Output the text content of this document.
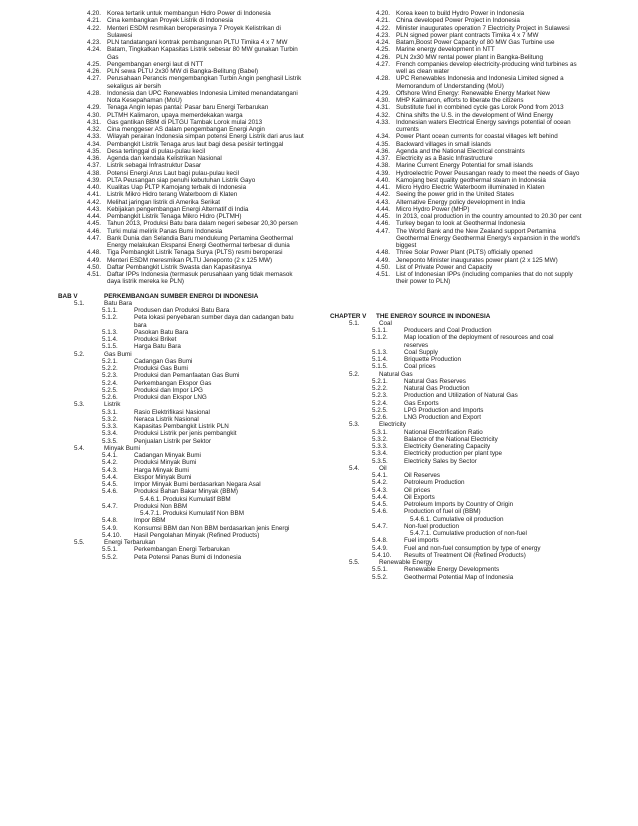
4.20. Korea tertarik untuk membangun Hidro Power di Indonesia
4.21. Cina kembangkan Proyek Listrik di Indonesia
4.22. Menteri ESDM resmikan beroperasinya 7 Proyek Kelistrikan di Sulawesi
4.23. PLN tandatangani kontrak pembangunan PLTU Timika 4 x 7 MW
4.24. Batam, Tingkatkan Kapasitas Listrik sebesar 80 MW gunakan Turbin Gas
4.25. Pengembangan energi laut di NTT
4.26. PLN sewa PLTU 2x30 MW di Bangka-Belitung (Babel)
4.27. Perusahaan Perancis mengembangkan Turbin Angin penghasil Listrik sekaligus air bersih
4.28. Indonesia dan UPC Renewables Indonesia Limited menandatangani Nota Kesepahaman (MoU)
4.29. Tenaga Angin lepas pantai: Pasar baru Energi Terbarukan
4.30. PLTMH Kalimaron, upaya memerdekakan warga
4.31. Gas gantikan BBM di PLTGU Tambak Lorok mulai 2013
4.32. Cina menggeser AS dalam pengembangan Energi Angin
4.33. Wilayah perairan Indonesia simpan potensi Energi Listrik dari arus laut
4.34. Pembangkit Listrik Tenaga arus laut bagi desa pesisir tertinggal
4.35. Desa tertinggal di pulau-pulau kecil
4.36. Agenda dan kendala Kelistrikan Nasional
4.37. Listrik sebagai Infrastruktur Dasar
4.38. Potensi Energi Arus Laut bagi pulau-pulau kecil
4.39. PLTA Peusangan siap penuhi kebutuhan Listrik Gayo
4.40. Kualitas Uap PLTP Kamojang terbaik di Indonesia
4.41. Listrik Mikro Hidro terang Waterboom di Klaten
4.42. Melihat jaringan listrik di Amerika Serikat
4.43. Kebijakan pengembangan Energi Alternatif di India
4.44. Pembangkit Listrik Tenaga Mikro Hidro (PLTMH)
4.45. Tahun 2013, Produksi Batu bara dalam negeri sebesar 20,30 persen
4.46. Turki mulai melirik Panas Bumi Indonesia
4.47. Bank Dunia dan Selandia Baru mendukung Pertamina Geothermal Energy melakukan Ekspansi Energi Geothermal terbesar di dunia
4.48. Tiga Pembangkit Listrik Tenaga Surya (PLTS) resmi beroperasi
4.49. Menteri ESDM meresmikan PLTU Jeneponto (2 x 125 MW)
4.50. Daftar Pembangkit Listrik Swasta dan Kapasitasnya
4.51. Daftar IPPs Indonesia (termasuk perusahaan yang tidak memasok daya listrik mereka ke PLN)
BAB V	PERKEMBANGAN SUMBER ENERGI DI INDONESIA
5.1.	Batu Bara
5.1.1.	Produsen dan Produksi Batu Bara
5.1.2.	Peta lokasi penyebaran sumber daya dan cadangan batu bara
5.1.3.	Pasokan Batu Bara
5.1.4.	Produksi Briket
5.1.5.	Harga Batu Bara
5.2.	Gas Bumi
5.2.1.	Cadangan Gas Bumi
5.2.2.	Produksi Gas Bumi
5.2.3.	Produksi dan Pemanfaatan Gas Bumi
5.2.4.	Perkembangan Ekspor Gas
5.2.5.	Produksi dan Impor LPG
5.2.6.	Produksi dan Ekspor LNG
5.3.	Listrik
5.3.1.	Rasio Elektrifikasi Nasional
5.3.2.	Neraca Listrik Nasional
5.3.3.	Kapasitas Pembangkit Listrik PLN
5.3.4.	Produksi Listrik per jenis pembangkit
5.3.5.	Penjualan Listrik per Sektor
5.4.	Minyak Bumi
5.4.1.	Cadangan Minyak Bumi
5.4.2.	Produksi Minyak Bumi
5.4.3.	Harga Minyak Bumi
5.4.4.	Ekspor Minyak Bumi
5.4.5.	Impor Minyak Bumi berdasarkan Negara Asal
5.4.6.	Produksi Bahan Bakar Minyak (BBM)
5.4.6.1. Produksi Kumulatif BBM
5.4.7.	Produksi Non BBM
5.4.7.1. Produksi Kumulatif Non BBM
5.4.8.	Impor BBM
5.4.9.	Konsumsi BBM dan Non BBM berdasarkan jenis Energi
5.4.10.	Hasil Pengolahan Minyak (Refined Products)
5.5.	Energi Terbarukan
5.5.1.	Perkembangan Energi Terbarukan
5.5.2.	Peta Potensi Panas Bumi di Indonesia
4.20. Korea keen to build Hydro Power in Indonesia
4.21. China developed Power Project in Indonesia
4.22. Minister inaugurates operation 7 Electricity Project in Sulawesi
4.23. PLN signed power plant contracts Timika 4 x 7 MW
4.24. Batam,Boost Power Capacity of 80 MW Gas Turbine use
4.25. Marine energy development in NTT
4.26. PLN 2x30 MW rental power plant in Bangka-Belitung
4.27. French companies develop electricity-producing wind turbines as well as clean water
4.28. UPC Renewables Indonesia and Indonesia Limited signed a Memorandum of Understanding (MoU)
4.29. Offshore Wind Energy: Renewable Energy Market New
4.30. MHP Kalimaron, efforts to liberate the citizens
4.31. Substitute fuel in combined cycle gas Lorok Pond from 2013
4.32. China shifts the U.S. in the development of Wind Energy
4.33. Indonesian waters Electrical Energy savings potential of ocean currents
4.34. Power Plant ocean currents for coastal villages left behind
4.35. Backward villages in small islands
4.36. Agenda and the National Electrical constraints
4.37. Electricity as a Basic Infrastructure
4.38. Marine Current Energy Potential for small islands
4.39. Hydroelectric Power Peusangan ready to meet the needs of Gayo
4.40. Kamojang best quality geothermal steam in Indonesia
4.41. Micro Hydro Electric Waterboom illuminated in Klaten
4.42. Seeing the power grid in the United States
4.43. Alternative Energy policy development in India
4.44. Micro Hydro Power (MHP)
4.45. In 2013, coal production in the country amounted to 20.30 per cent
4.46. Turkey began to look at Geothermal Indonesia
4.47. The World Bank and the New Zealand support Pertamina Geothermal Energy Geothermal Energy's expansion in the world's biggest
4.48. Three Solar Power Plant (PLTS) officially opened
4.49. Jeneponto Minister inaugurates power plant (2 x 125 MW)
4.50. List of Private Power and Capacity
4.51. List of Indonesian IPPs (including companies that do not supply their power to PLN)
CHAPTER V	THE ENERGY SOURCE IN INDONESIA
5.1.	Coal
5.1.1.	Producers and Coal Production
5.1.2.	Map location of the deployment of resources and coal reserves
5.1.3.	Coal Supply
5.1.4.	Briquette Production
5.1.5.	Coal prices
5.2.	Natural Gas
5.2.1.	Natural Gas Reserves
5.2.2.	Natural Gas Production
5.2.3.	Production and Utilization of Natural Gas
5.2.4.	Gas Exports
5.2.5.	LPG Production and Imports
5.2.6.	LNG Production and Export
5.3.	Electricity
5.3.1.	National Electrification Ratio
5.3.2.	Balance of the National Electricity
5.3.3.	Electricity Generating Capacity
5.3.4.	Electricity production per plant type
5.3.5.	Electricity Sales by Sector
5.4.	Oil
5.4.1.	Oil Reserves
5.4.2.	Petroleum Production
5.4.3.	Oil prices
5.4.4.	Oil Exports
5.4.5.	Petroleum Imports by Country of Origin
5.4.6.	Production of fuel oil (BBM)
5.4.6.1. Cumulative oil production
5.4.7.	Non-fuel production
5.4.7.1. Cumulative production of non-fuel
5.4.8.	Fuel imports
5.4.9.	Fuel and non-fuel consumption by type of energy
5.4.10.	Results of Treatment Oil (Refined Products)
5.5.	Renewable Energy
5.5.1.	Renewable Energy Developments
5.5.2.	Geothermal Potential Map of Indonesia
